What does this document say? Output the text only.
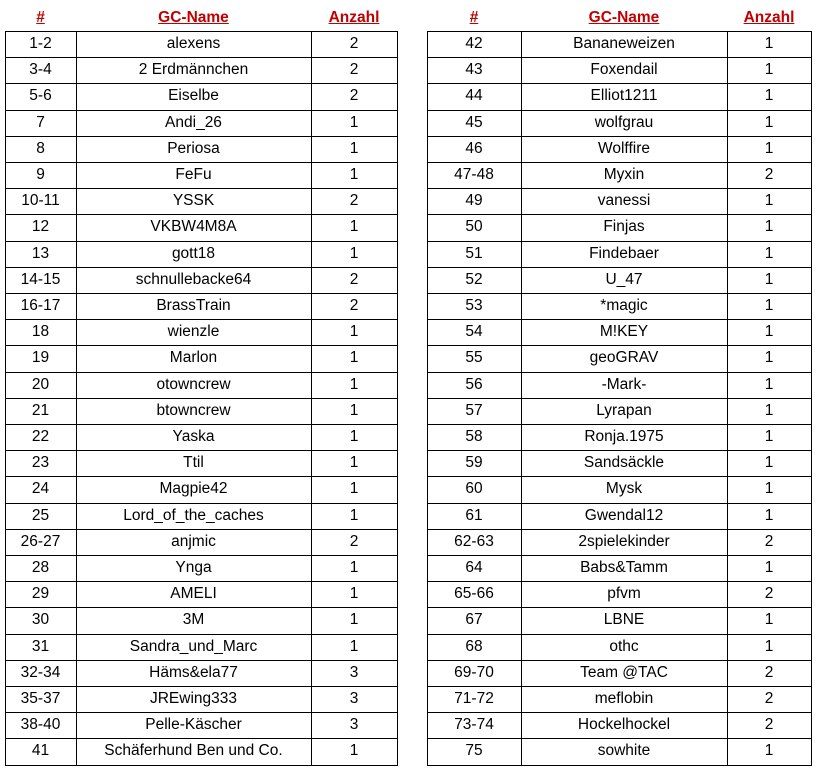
#	GC-Name	Anzahl
1-2	alexens	2
3-4	2 Erdmännchen	2
5-6	Eiselbe	2
7	Andi_26	1
8	Periosa	1
9	FeFu	1
10-11	YSSK	2
12	VKBW4M8A	1
13	gott18	1
14-15	schnullebacke64	2
16-17	BrassTrain	2
18	wienzle	1
19	Marlon	1
20	otowncrew	1
21	btowncrew	1
22	Yaska	1
23	Ttil	1
24	Magpie42	1
25	Lord_of_the_caches	1
26-27	anjmic	2
28	Ynga	1
29	AMELI	1
30	3M	1
31	Sandra_und_Marc	1
32-34	Häms&ela77	3
35-37	JREwing333	3
38-40	Pelle-Käscher	3
41	Schäferhund Ben und Co.	1
#	GC-Name	Anzahl
42	Bananeweizen	1
43	Foxendail	1
44	Elliot1211	1
45	wolfgrau	1
46	Wolffire	1
47-48	Myxin	2
49	vanessi	1
50	Finjas	1
51	Findebaer	1
52	U_47	1
53	*magic	1
54	M!KEY	1
55	geoGRAV	1
56	-Mark-	1
57	Lyrapan	1
58	Ronja.1975	1
59	Sandsäckle	1
60	Mysk	1
61	Gwendal12	1
62-63	2spielekinder	2
64	Babs&Tamm	1
65-66	pfvm	2
67	LBNE	1
68	othc	1
69-70	Team @TAC	2
71-72	meflobin	2
73-74	Hockelhockel	2
75	sowhite	1
